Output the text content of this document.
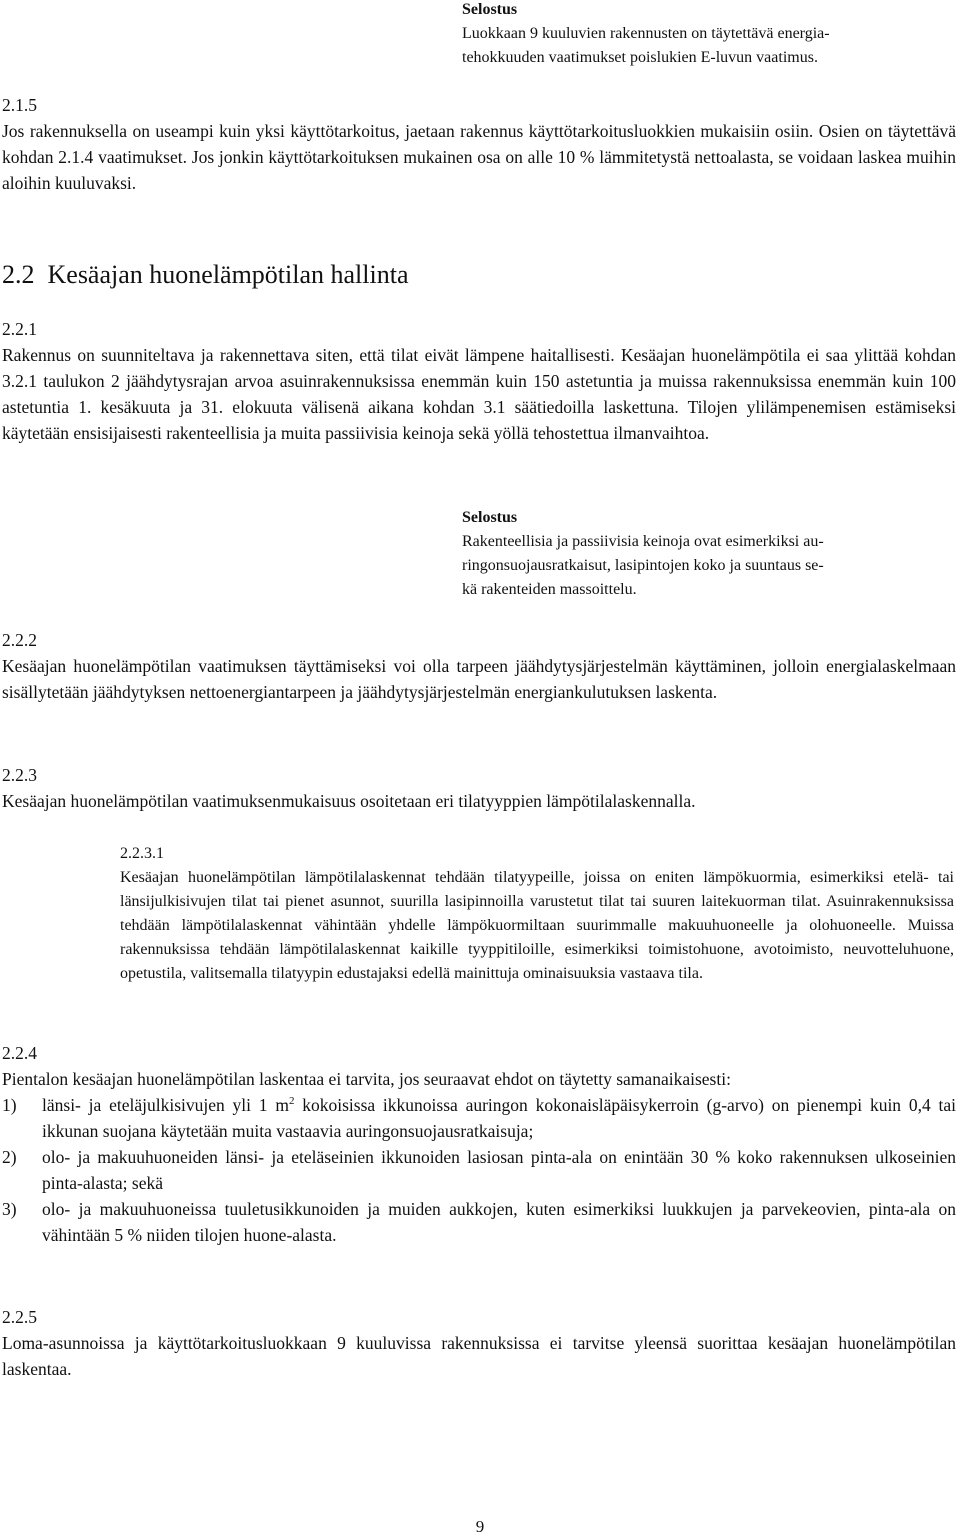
Selostus
Luokkaan 9 kuuluvien rakennusten on täytettävä energia-
tehokkuuden vaatimukset poislukien E-luvun vaatimus.
2.1.5
Jos rakennuksella on useampi kuin yksi käyttötarkoitus, jaetaan rakennus käyttötarkoitusluokkien mukaisiin osiin. Osien on täytettävä kohdan 2.1.4 vaatimukset. Jos jonkin käyttötarkoituksen mukainen osa on alle 10 % lämmitetystä nettoalasta, se voidaan laskea muihin aloihin kuuluvaksi.
2.2  Kesäajan huonelämpötilan hallinta
2.2.1
Rakennus on suunniteltava ja rakennettava siten, että tilat eivät lämpene haitallisesti. Kesäajan huonelämpötila ei saa ylittää kohdan 3.2.1 taulukon 2 jäähdytysrajan arvoa asuinrakennuksissa enemmän kuin 150 astetuntia ja muissa rakennuksissa enemmän kuin 100 astetuntia 1. kesäkuuta ja 31. elokuuta välisenä aikana kohdan 3.1 säätiedoilla laskettuna. Tilojen ylilämpenemisen estämiseksi käytetään ensisijaisesti rakenteellisia ja muita passiivisia keinoja sekä yöllä tehostettua ilmanvaihtoa.
Selostus
Rakenteellisia ja passiivisia keinoja ovat esimerkiksi au-
ringonsuojausratkaisut, lasipintojen koko ja suuntaus se-
kä rakenteiden massoittelu.
2.2.2
Kesäajan huonelämpötilan vaatimuksen täyttämiseksi voi olla tarpeen jäähdytysjärjestelmän käyttäminen, jolloin energialaskelmaan sisällytetään jäähdytyksen nettoenergiantarpeen ja jäähdytysjärjestelmän energiankulutuksen laskenta.
2.2.3
Kesäajan huonelämpötilan vaatimuksenmukaisuus osoitetaan eri tilatyyppien lämpötilalaskennalla.
2.2.3.1
Kesäajan huonelämpötilan lämpötilalaskennat tehdään tilatyypeille, joissa on eniten lämpökuormia, esimerkiksi etelä- tai länsijulkisivujen tilat tai pienet asunnot, suurilla lasipinnoilla varustetut tilat tai suuren laitekuorman tilat. Asuinrakennuksissa tehdään lämpötilalaskennat vähintään yhdelle lämpökuormiltaan suurimmalle makuuhuoneelle ja olohuoneelle. Muissa rakennuksissa tehdään lämpötilalaskennat kaikille tyyppitiloille, esimerkiksi toimistohuone, avotoimisto, neuvotteluhuone, opetustila, valitsemalla tilatyypin edustajaksi edellä mainittuja ominaisuuksia vastaava tila.
2.2.4
Pientalon kesäajan huonelämpötilan laskentaa ei tarvita, jos seuraavat ehdot on täytetty samanaikaisesti:
1) länsi- ja eteläjulkisivujen yli 1 $m^2$ kokoisissa ikkunoissa auringon kokonaisläpäisykerroin (g-arvo) on pienempi kuin 0,4 tai ikkunan suojana käytetään muita vastaavia auringonsuojausratkaisuja;
2) olo- ja makuuhuoneiden länsi- ja eteläseinien ikkunoiden lasiosan pinta-ala on enintään 30 % koko rakennuksen ulkoseinien pinta-alasta; sekä
3) olo- ja makuuhuoneissa tuuletusikkunoiden ja muiden aukkojen, kuten esimerkiksi luukkujen ja parvekeovien, pinta-ala on vähintään 5 % niiden tilojen huone-alasta.
2.2.5
Loma-asunnoissa ja käyttötarkoitusluokkaan 9 kuuluvissa rakennuksissa ei tarvitse yleensä suorittaa kesäajan huonelämpötilan laskentaa.
9
